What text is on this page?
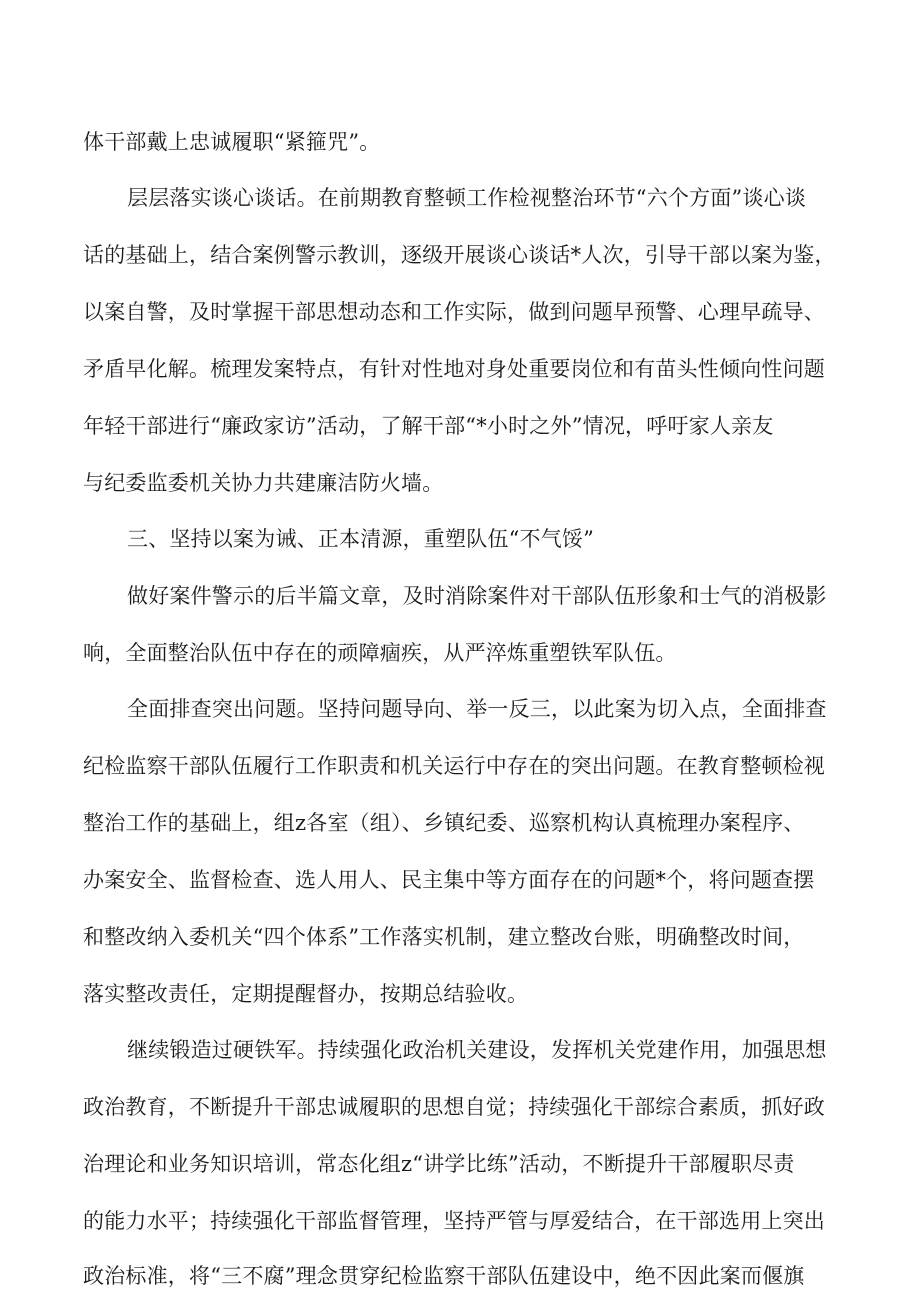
体干部戴上忠诚履职“紧箍咒”。
层层落实谈心谈话。在前期教育整顿工作检视整治环节“六个方面”谈心谈
话的基础上，结合案例警示教训，逐级开展谈心谈话*人次，引导干部以案为鉴，
以案自警，及时掌握干部思想动态和工作实际，做到问题早预警、心理早疏导、
矛盾早化解。梳理发案特点，有针对性地对身处重要岗位和有苗头性倾向性问题
年轻干部进行“廉政家访”活动，了解干部“*小时之外”情况，呼吁家人亲友
与纪委监委机关协力共建廉洁防火墙。
三、坚持以案为诫、正本清源，重塑队伍“不气馁”
做好案件警示的后半篇文章，及时消除案件对干部队伍形象和士气的消极影
响，全面整治队伍中存在的顽障痼疾，从严淬炼重塑铁军队伍。
全面排查突出问题。坚持问题导向、举一反三，以此案为切入点，全面排查
纪检监察干部队伍履行工作职责和机关运行中存在的突出问题。在教育整顿检视
整治工作的基础上，组z各室（组）、乡镇纪委、巡察机构认真梳理办案程序、
办案安全、监督检查、选人用人、民主集中等方面存在的问题*个，将问题查摆
和整改纳入委机关“四个体系”工作落实机制，建立整改台账，明确整改时间，
落实整改责任，定期提醒督办，按期总结验收。
继续锻造过硬铁军。持续强化政治机关建设，发挥机关党建作用，加强思想
政治教育，不断提升干部忠诚履职的思想自觉；持续强化干部综合素质，抓好政
治理论和业务知识培训，常态化组z“讲学比练”活动，不断提升干部履职尽责
的能力水平；持续强化干部监督管理，坚持严管与厚爱结合，在干部选用上突出
政治标准，将“三不腐”理念贯穿纪检监察干部队伍建设中，绝不因此案而偃旗
